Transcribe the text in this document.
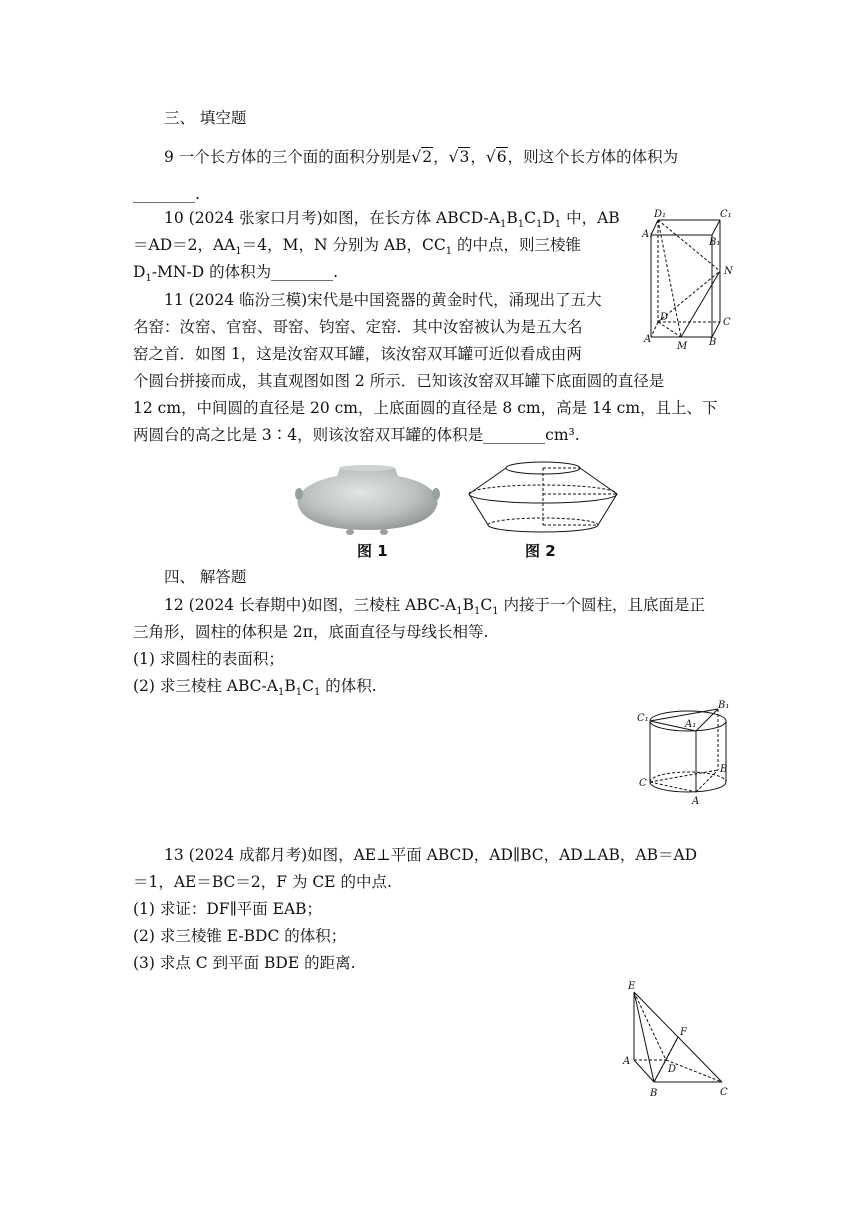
三、 填空题
9 一个长方体的三个面的面积分别是√2，√3，√6，则这个长方体的体积为
________.
10 (2024 张家口月考)如图，在长方体 ABCD-$A_1B_1C_1D_1$ 中，AB
＝AD＝2，$AA_1=4$，M，N 分别为 AB，$CC_1$ 的中点，则三棱锥
$D_1-MN-D$ 的体积为________.
D₁	C₁
A₁
B₁
N
D	C
A
M B
11 (2024 临汾三模)宋代是中国瓷器的黄金时代，涌现出了五大
名窑：汝窑、官窑、哥窑、钧窑、定窑．其中汝窑被认为是五大名
窑之首．如图 1，这是汝窑双耳罐，该汝窑双耳罐可近似看成由两
个圆台拼接而成，其直观图如图 2 所示．已知该汝窑双耳罐下底面圆的直径是
12 cm，中间圆的直径是 20 cm，上底面圆的直径是 8 cm，高是 14 cm，且上、下
两圆台的高之比是 3∶4，则该汝窑双耳罐的体积是________cm³.
图 1	图 2
四、 解答题
12 (2024 长春期中)如图，三棱柱 ABC-$A_1B_1C_1$ 内接于一个圆柱，且底面是正
三角形，圆柱的体积是 2π，底面直径与母线长相等.
(1) 求圆柱的表面积；
(2) 求三棱柱 ABC-$A_1B_1C_1$ 的体积.
C₁
A₁
B₁
C
B
A
13 (2024 成都月考)如图，AE⊥平面 ABCD，AD∥BC，AD⊥AB，AB＝AD
＝1，AE＝BC＝2，F 为 CE 的中点.
(1) 求证：DF∥平面 EAB；
(2) 求三棱锥 E-BDC 的体积；
(3) 求点 C 到平面 BDE 的距离.
E
F
A
D
B	C
